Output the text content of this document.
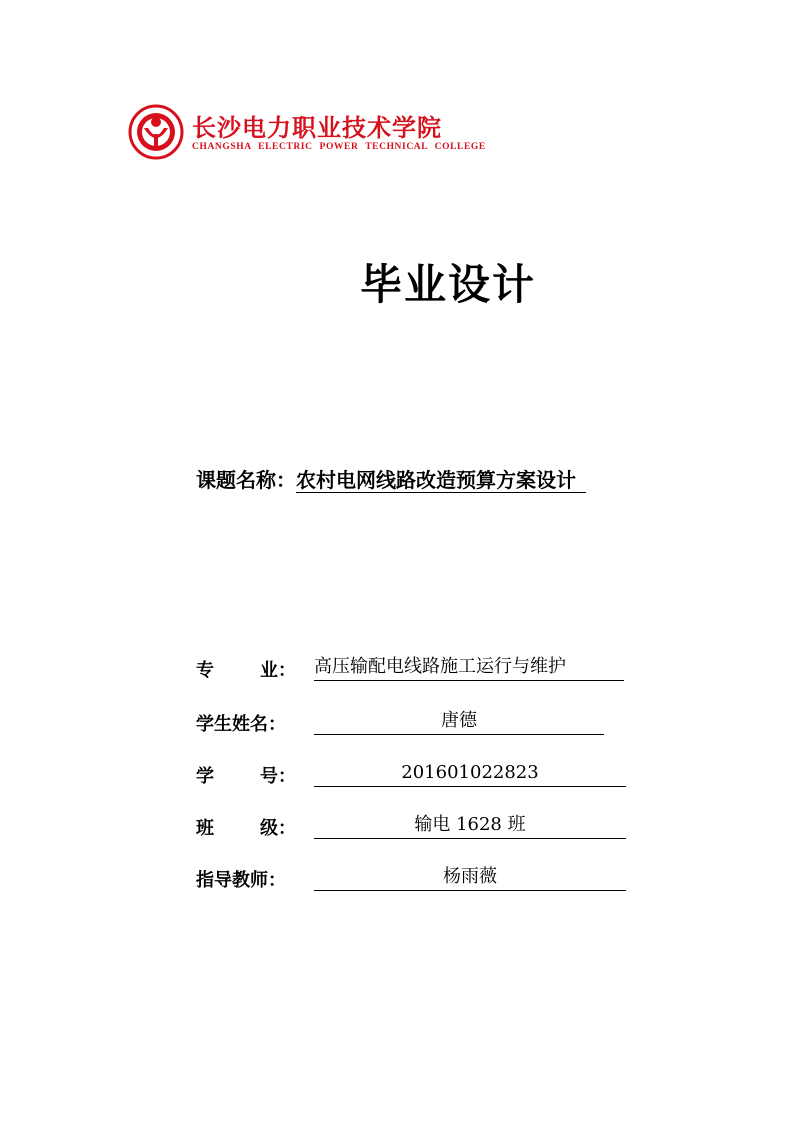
长沙电力职业技术学院
CHANGSHA ELECTRIC POWER TECHNICAL COLLEGE
毕业设计
课题名称：农村电网线路改造预算方案设计
专	业：	高压输配电线路施工运行与维护
学生姓名：	唐德
学	号：	201601022823
班	级：	输电 1628 班
指导教师：	杨雨薇
